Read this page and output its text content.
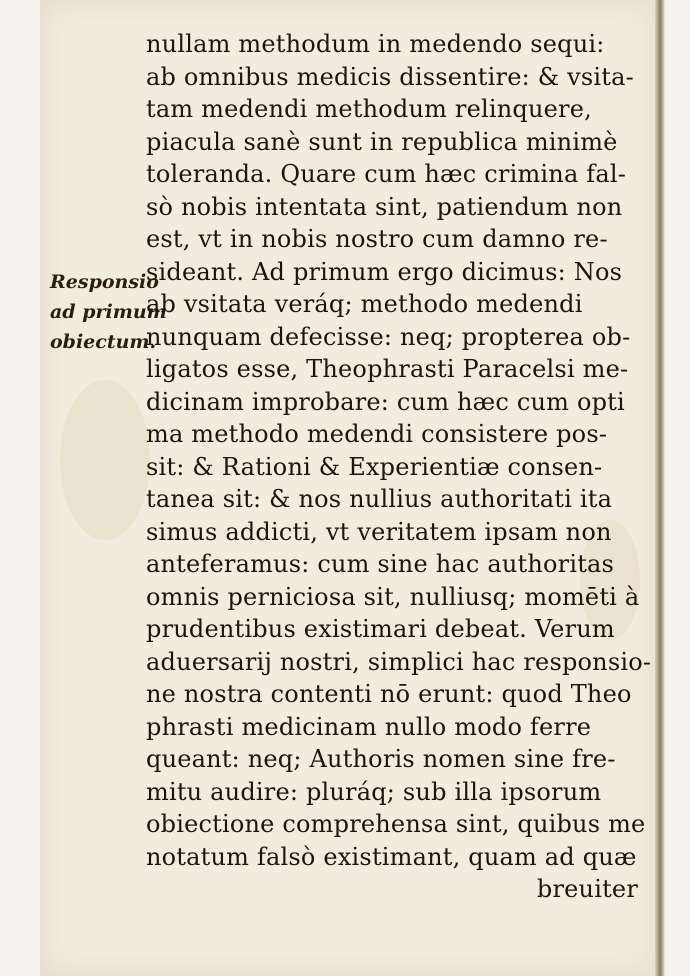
Responsio
ad primum
obiectum.
nullam methodum in medendo sequi:
ab omnibus medicis dissentire: & vsita-
tam medendi methodum relinquere,
piacula sanè sunt in republica minimè
toleranda. Quare cum hæc crimina fal-
sò nobis intentata sint, patiendum non
est, vt in nobis nostro cum damno re-
sideant. Ad primum ergo dicimus: Nos
ab vsitata veráq; methodo medendi
nunquam defecisse: neq; propterea ob-
ligatos esse, Theophrasti Paracelsi me-
dicinam improbare: cum hæc cum opti
ma methodo medendi consistere pos-
sit: & Rationi & Experientiæ consen-
tanea sit: & nos nullius authoritati ita
simus addicti, vt veritatem ipsam non
anteferamus: cum sine hac authoritas
omnis perniciosa sit, nulliusq; momēti à
prudentibus existimari debeat. Verum
aduersarij nostri, simplici hac responsio-
ne nostra contenti nō erunt: quod Theo
phrasti medicinam nullo modo ferre
queant: neq; Authoris nomen sine fre-
mitu audire: pluráq; sub illa ipsorum
obiectione comprehensa sint, quibus me
notatum falsò existimant, quam ad quæ
breuiter
